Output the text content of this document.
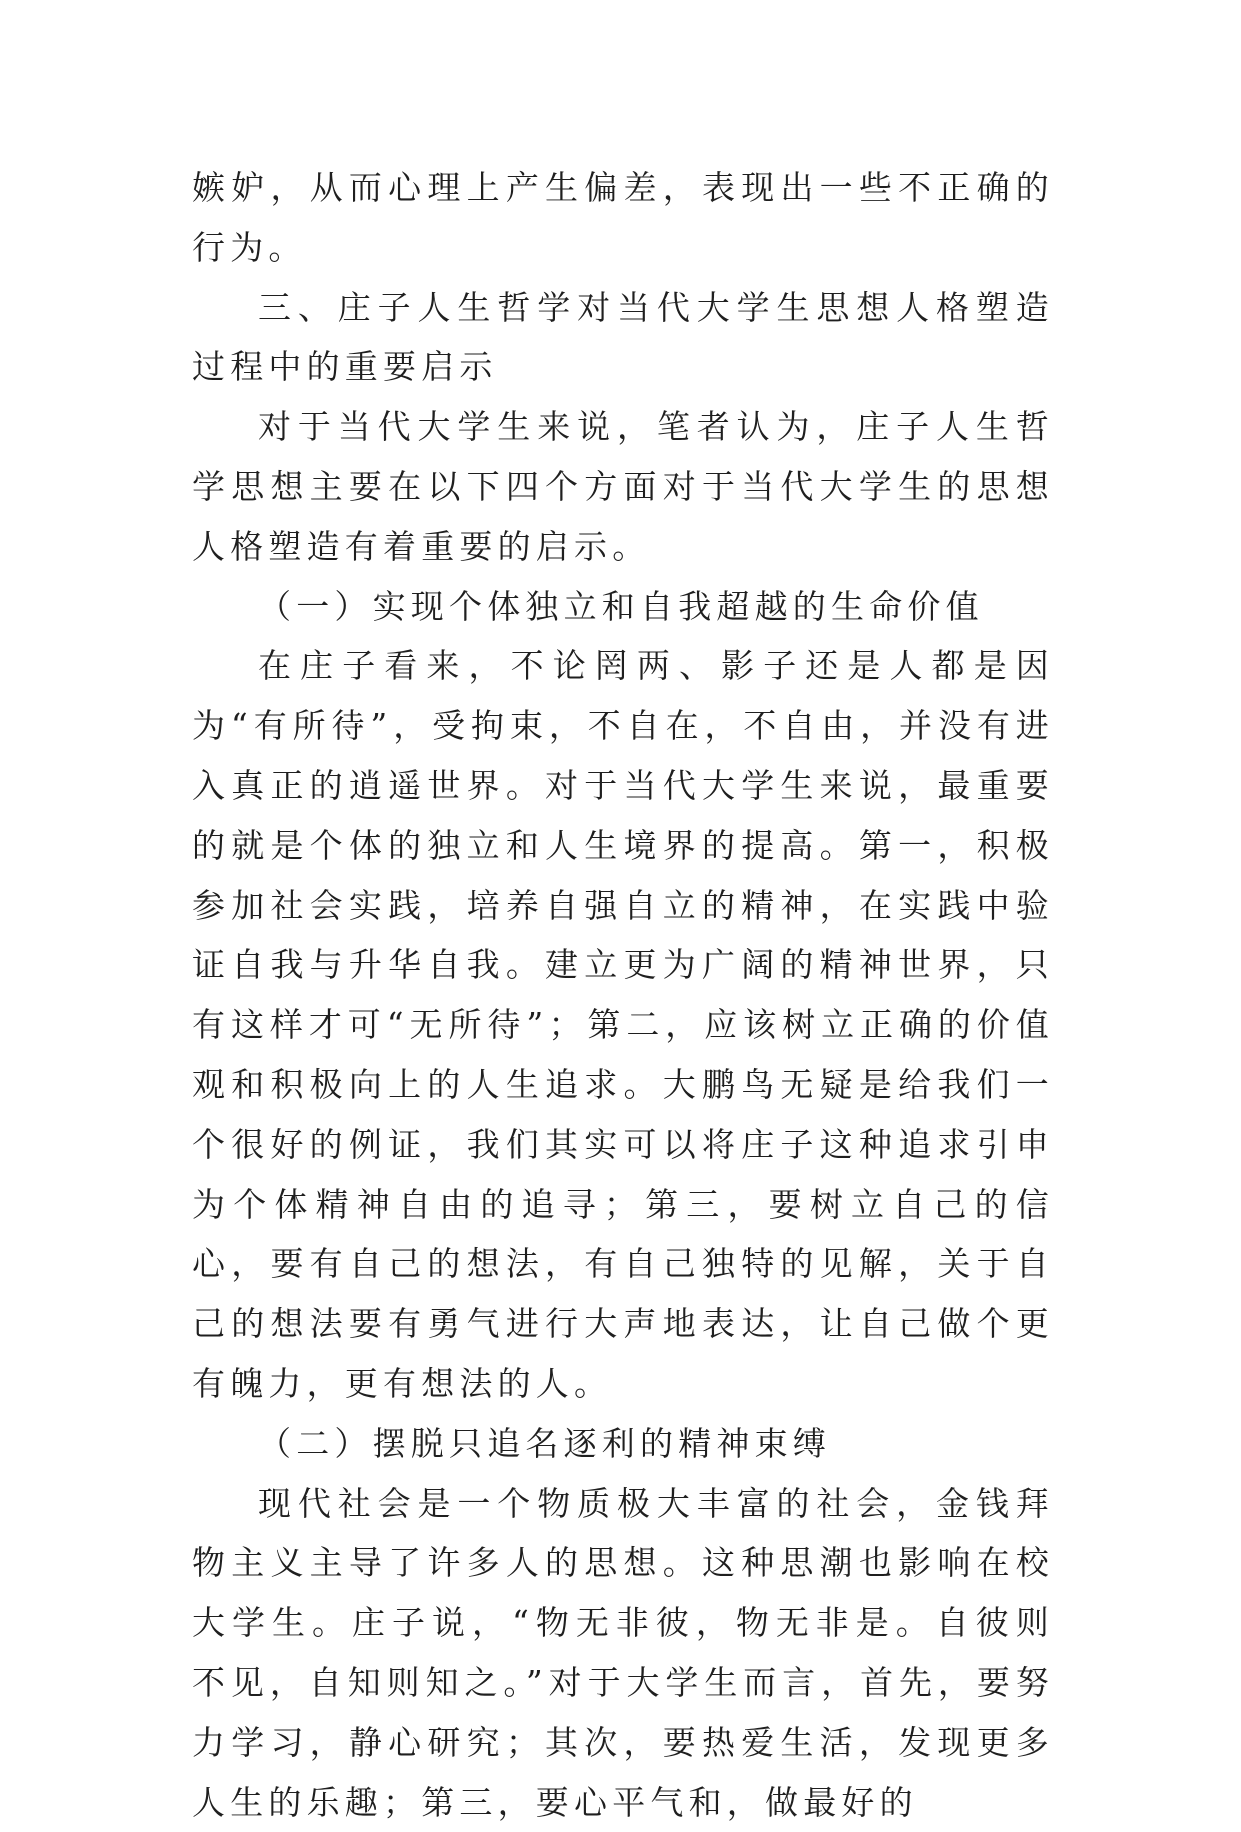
嫉妒，从而心理上产生偏差，表现出一些不正确的行为。

三、庄子人生哲学对当代大学生思想人格塑造过程中的重要启示

对于当代大学生来说，笔者认为，庄子人生哲学思想主要在以下四个方面对于当代大学生的思想人格塑造有着重要的启示。

（一）实现个体独立和自我超越的生命价值

在庄子看来，不论罔两、影子还是人都是因为“有所待”，受拘束，不自在，不自由，并没有进入真正的逍遥世界。对于当代大学生来说，最重要的就是个体的独立和人生境界的提高。第一，积极参加社会实践，培养自强自立的精神，在实践中验证自我与升华自我。建立更为广阔的精神世界，只有这样才可“无所待”；第二，应该树立正确的价值观和积极向上的人生追求。大鹏鸟无疑是给我们一个很好的例证，我们其实可以将庄子这种追求引申为个体精神自由的追寻；第三，要树立自己的信心，要有自己的想法，有自己独特的见解，关于自己的想法要有勇气进行大声地表达，让自己做个更有魄力，更有想法的人。

（二）摆脱只追名逐利的精神束缚

现代社会是一个物质极大丰富的社会，金钱拜物主义主导了许多人的思想。这种思潮也影响在校大学生。庄子说，“物无非彼，物无非是。自彼则不见，自知则知之。”对于大学生而言，首先，要努力学习，静心研究；其次，要热爱生活，发现更多人生的乐趣；第三，要心平气和，做最好的
